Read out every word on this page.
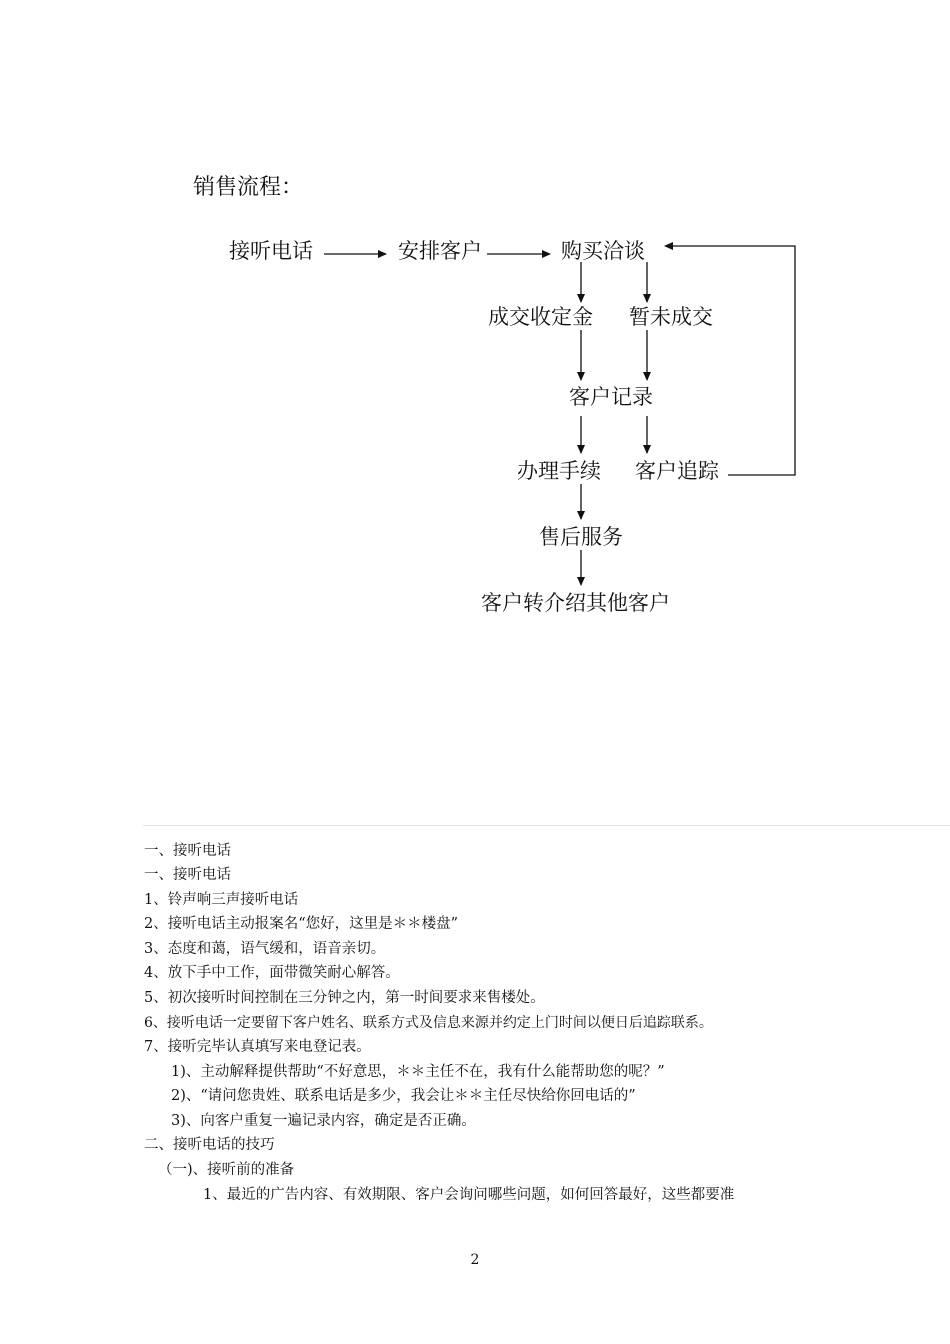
销售流程：
接听电话	安排客户	购买洽谈
成交收定金 暂未成交
客户记录
办理手续 客户追踪
售后服务
客户转介绍其他客户
一、接听电话
一、接听电话
1、铃声响三声接听电话
2、接听电话主动报案名“您好，这里是＊＊楼盘”
3、态度和蔼，语气缓和，语音亲切。
4、放下手中工作，面带微笑耐心解答。
5、初次接听时间控制在三分钟之内，第一时间要求来售楼处。
6、接听电话一定要留下客户姓名、联系方式及信息来源并约定上门时间以便日后追踪联系。
7、接听完毕认真填写来电登记表。
1)、主动解释提供帮助“不好意思，＊＊主任不在，我有什么能帮助您的呢？”
2)、“请问您贵姓、联系电话是多少，我会让＊＊主任尽快给你回电话的”
3)、向客户重复一遍记录内容，确定是否正确。
二、接听电话的技巧
（一)、接听前的准备
1、最近的广告内容、有效期限、客户会询问哪些问题，如何回答最好，这些都要准
2
